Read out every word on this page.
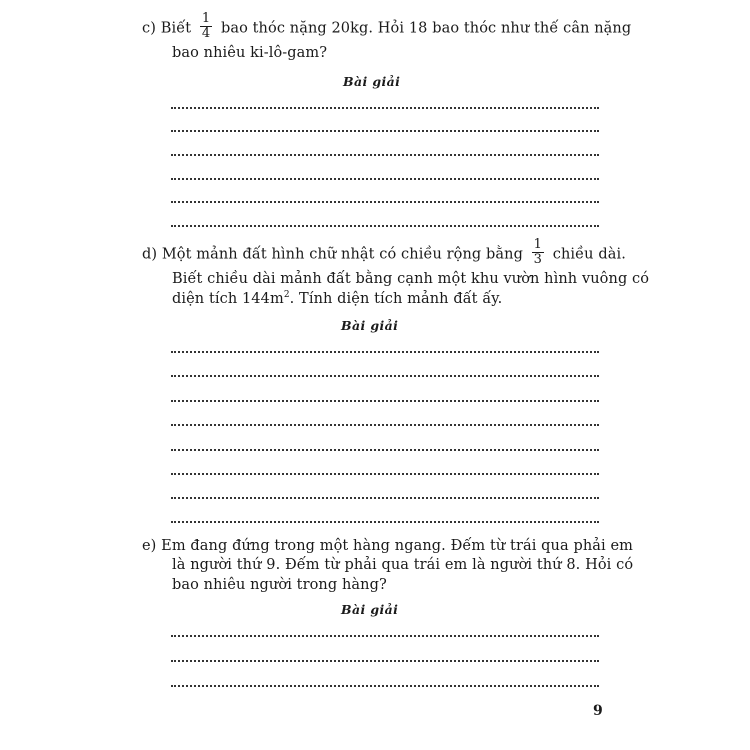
c) Biết $\frac{1}{4}$ bao thóc nặng 20kg. Hỏi 18 bao thóc như thế cân nặng
bao nhiêu ki-lô-gam?
Bài giải
d) Một mảnh đất hình chữ nhật có chiều rộng bằng $\frac{1}{3}$ chiều dài.
Biết chiều dài mảnh đất bằng cạnh một khu vườn hình vuông có
diện tích $144m^2$. Tính diện tích mảnh đất ấy.
Bài giải
e) Em đang đứng trong một hàng ngang. Đếm từ trái qua phải em
là người thứ 9. Đếm từ phải qua trái em là người thứ 8. Hỏi có
bao nhiêu người trong hàng?
Bài giải
9
